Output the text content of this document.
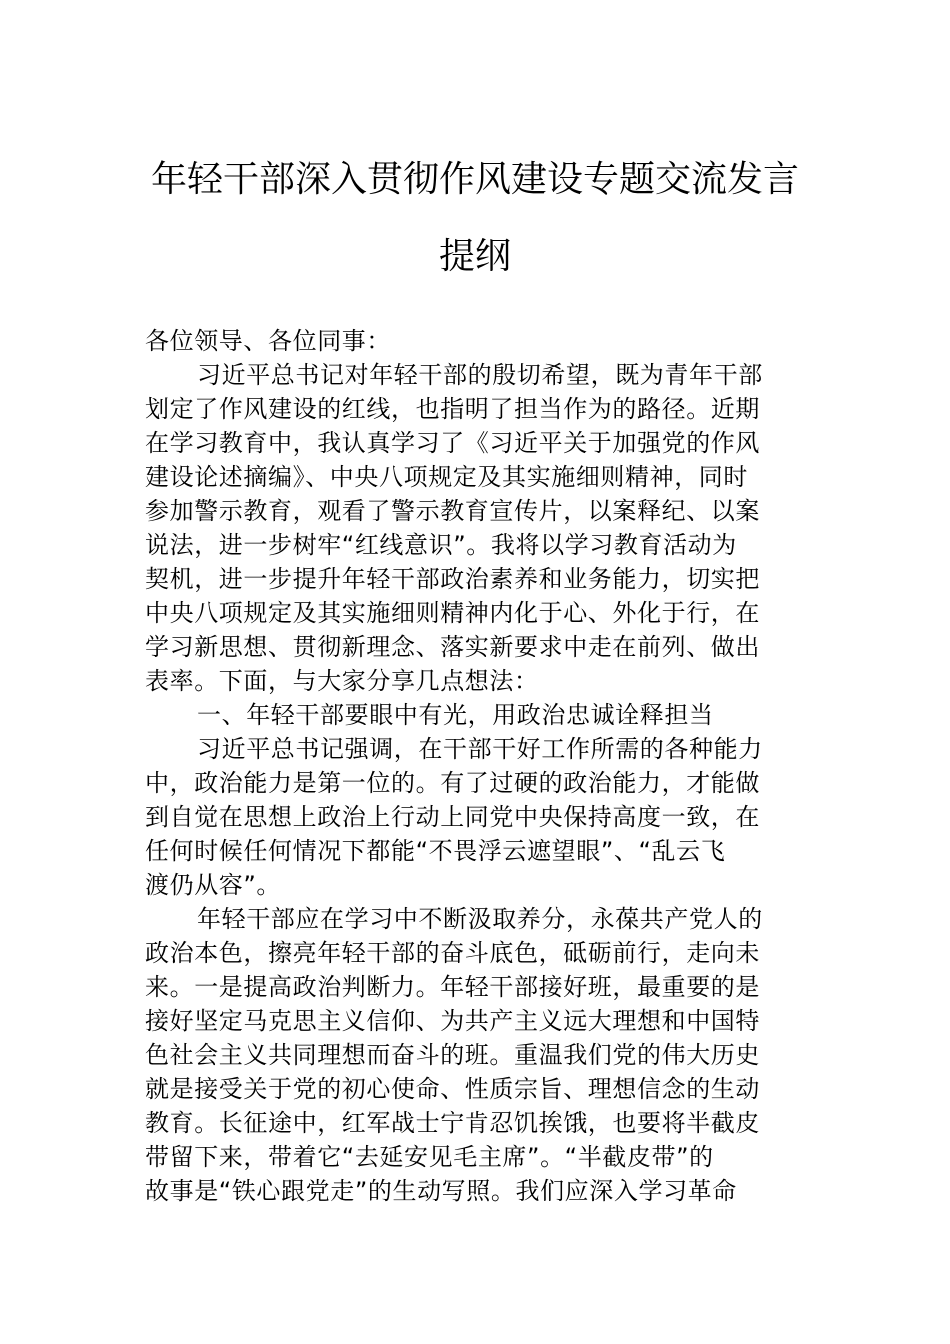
年轻干部深入贯彻作风建设专题交流发言
提纲
各位领导、各位同事：
习近平总书记对年轻干部的殷切希望，既为青年干部
划定了作风建设的红线，也指明了担当作为的路径。近期
在学习教育中，我认真学习了《习近平关于加强党的作风
建设论述摘编》、中央八项规定及其实施细则精神，同时
参加警示教育，观看了警示教育宣传片，以案释纪、以案
说法，进一步树牢“红线意识”。我将以学习教育活动为
契机，进一步提升年轻干部政治素养和业务能力，切实把
中央八项规定及其实施细则精神内化于心、外化于行，在
学习新思想、贯彻新理念、落实新要求中走在前列、做出
表率。下面，与大家分享几点想法：
一、年轻干部要眼中有光，用政治忠诚诠释担当
习近平总书记强调，在干部干好工作所需的各种能力
中，政治能力是第一位的。有了过硬的政治能力，才能做
到自觉在思想上政治上行动上同党中央保持高度一致，在
任何时候任何情况下都能“不畏浮云遮望眼”、“乱云飞
渡仍从容”。
年轻干部应在学习中不断汲取养分，永葆共产党人的
政治本色，擦亮年轻干部的奋斗底色，砥砺前行，走向未
来。一是提高政治判断力。年轻干部接好班，最重要的是
接好坚定马克思主义信仰、为共产主义远大理想和中国特
色社会主义共同理想而奋斗的班。重温我们党的伟大历史
就是接受关于党的初心使命、性质宗旨、理想信念的生动
教育。长征途中，红军战士宁肯忍饥挨饿，也要将半截皮
带留下来，带着它“去延安见毛主席”。“半截皮带”的
故事是“铁心跟党走”的生动写照。我们应深入学习革命
